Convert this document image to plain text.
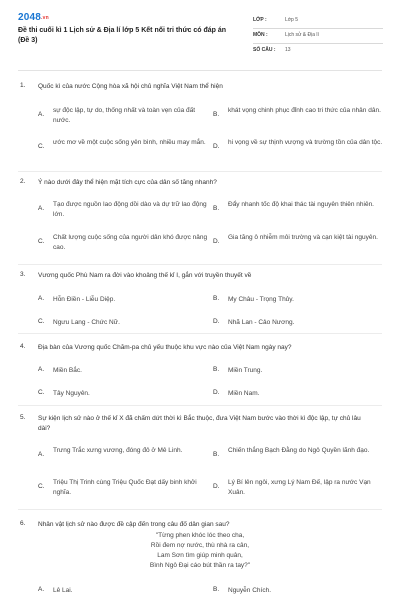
2048.vn
Đề thi cuối kì 1 Lịch sử & Địa lí lớp 5 Kết nối tri thức có đáp án (Đề 3)
LỚP :	Lớp 5
MÔN :	Lịch sử & Địa lí
SỐ CÂU : 13
1. Quốc kì của nước Cộng hòa xã hội chủ nghĩa Việt Nam thể hiện
A.
sự độc lập, tự do, thống nhất và toàn vẹn của đất nước.
B.
khát vọng chinh phục đỉnh cao tri thức của nhân dân.
C.
ước mơ về một cuộc sống yên bình, nhiều may mắn.
D.
hi vọng về sự thịnh vượng và trường tồn của dân tộc.
2. Ý nào dưới đây thể hiện mặt tích cực của dân số tăng nhanh?
A.
Tạo được nguồn lao động dồi dào và dự trữ lao động lớn.
B.
Đẩy nhanh tốc độ khai thác tài nguyên thiên nhiên.
C.
Chất lượng cuộc sống của người dân khó được nâng cao.
D.
Gia tăng ô nhiễm môi trường và cạn kiệt tài nguyên.
3. Vương quốc Phù Nam ra đời vào khoảng thế kỉ I, gắn với truyền thuyết về
A. Hỗn Điền - Liễu Diệp.	B. My Châu - Trọng Thủy.
C. Ngưu Lang - Chức Nữ.	D. Nhã Lan - Cảo Nương.
4. Địa bàn của Vương quốc Chăm-pa chủ yếu thuộc khu vực nào của Việt Nam ngày nay?
A. Miền Bắc.	B. Miền Trung.
C. Tây Nguyên.	D. Miền Nam.
5. Sự kiện lịch sử nào ở thế kỉ X đã chấm dứt thời kì Bắc thuộc, đưa Việt Nam bước vào thời kì độc lập, tự chủ lâu dài?
A.
Trưng Trắc xưng vương, đóng đô ở Mê Linh.
B.
Chiến thắng Bạch Đằng do Ngô Quyền lãnh đạo.
C.
Triệu Thị Trinh cùng Triệu Quốc Đạt dấy binh khởi nghĩa.
D.
Lý Bí lên ngôi, xưng Lý Nam Đế, lập ra nước Vạn Xuân.
6. Nhân vật lịch sử nào được đề cập đến trong câu đố dân gian sau?
"Từng phen khóc lóc theo cha,
Rồi đem nợ nước, thù nhà ra cân,
Lam Sơn tìm giúp minh quân,
Bình Ngô Đại cáo bút thần ra tay?"
A. Lê Lai.	B. Nguyễn Chích.
